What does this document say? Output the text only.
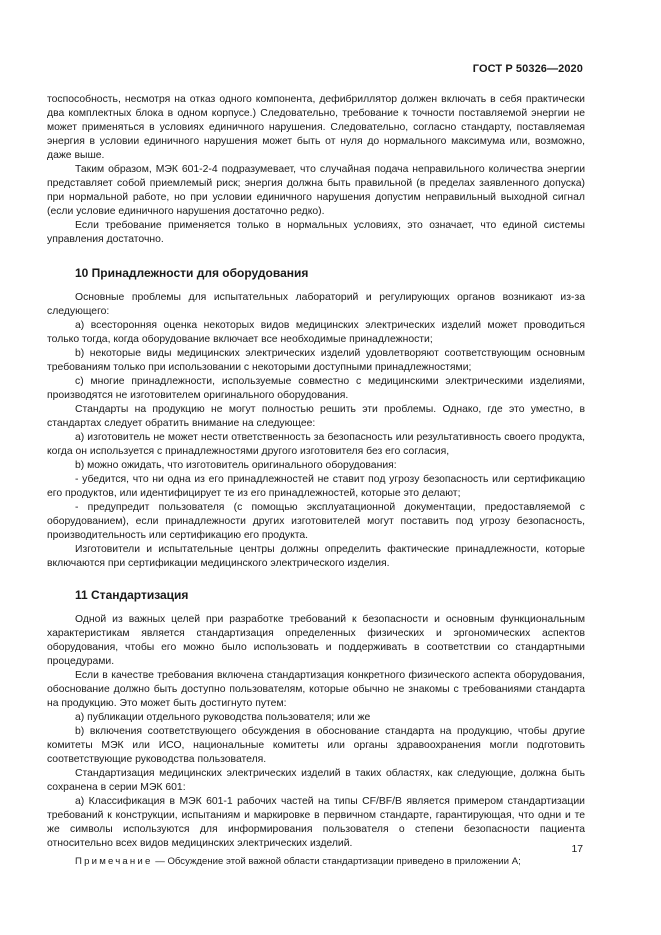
ГОСТ Р 50326—2020

тоспособность, несмотря на отказ одного компонента, дефибриллятор должен включать в себя практически два комплектных блока в одном корпусе.) Следовательно, требование к точности поставляемой энергии не может применяться в условиях единичного нарушения. Следовательно, согласно стандарту, поставляемая энергия в условии единичного нарушения может быть от нуля до нормального максимума или, возможно, даже выше.

Таким образом, МЭК 601-2-4 подразумевает, что случайная подача неправильного количества энергии представляет собой приемлемый риск; энергия должна быть правильной (в пределах заявленного допуска) при нормальной работе, но при условии единичного нарушения допустим неправильный выходной сигнал (если условие единичного нарушения достаточно редко).

Если требование применяется только в нормальных условиях, это означает, что единой системы управления достаточно.

10 Принадлежности для оборудования

Основные проблемы для испытательных лабораторий и регулирующих органов возникают из-за следующего:

a) всесторонняя оценка некоторых видов медицинских электрических изделий может проводиться только тогда, когда оборудование включает все необходимые принадлежности;

b) некоторые виды медицинских электрических изделий удовлетворяют соответствующим основным требованиям только при использовании с некоторыми доступными принадлежностями;

c) многие принадлежности, используемые совместно с медицинскими электрическими изделиями, производятся не изготовителем оригинального оборудования.

Стандарты на продукцию не могут полностью решить эти проблемы. Однако, где это уместно, в стандартах следует обратить внимание на следующее:

a) изготовитель не может нести ответственность за безопасность или результативность своего продукта, когда он используется с принадлежностями другого изготовителя без его согласия,

b) можно ожидать, что изготовитель оригинального оборудования:

- убедится, что ни одна из его принадлежностей не ставит под угрозу безопасность или сертификацию его продуктов, или идентифицирует те из его принадлежностей, которые это делают;

- предупредит пользователя (с помощью эксплуатационной документации, предоставляемой с оборудованием), если принадлежности других изготовителей могут поставить под угрозу безопасность, производительность или сертификацию его продукта.

Изготовители и испытательные центры должны определить фактические принадлежности, которые включаются при сертификации медицинского электрического изделия.

11 Стандартизация

Одной из важных целей при разработке требований к безопасности и основным функциональным характеристикам является стандартизация определенных физических и эргономических аспектов оборудования, чтобы его можно было использовать и поддерживать в соответствии со стандартными процедурами.

Если в качестве требования включена стандартизация конкретного физического аспекта оборудования, обоснование должно быть доступно пользователям, которые обычно не знакомы с требованиями стандарта на продукцию. Это может быть достигнуто путем:

a) публикации отдельного руководства пользователя; или же

b) включения соответствующего обсуждения в обоснование стандарта на продукцию, чтобы другие комитеты МЭК или ИСО, национальные комитеты или органы здравоохранения могли подготовить соответствующие руководства пользователя.

Стандартизация медицинских электрических изделий в таких областях, как следующие, должна быть сохранена в серии МЭК 601:

a) Классификация в МЭК 601-1 рабочих частей на типы CF/BF/B является примером стандартизации требований к конструкции, испытаниям и маркировке в первичном стандарте, гарантирующая, что одни и те же символы используются для информирования пользователя о степени безопасности пациента относительно всех видов медицинских электрических изделий.

Примечание — Обсуждение этой важной области стандартизации приведено в приложении А;

17
